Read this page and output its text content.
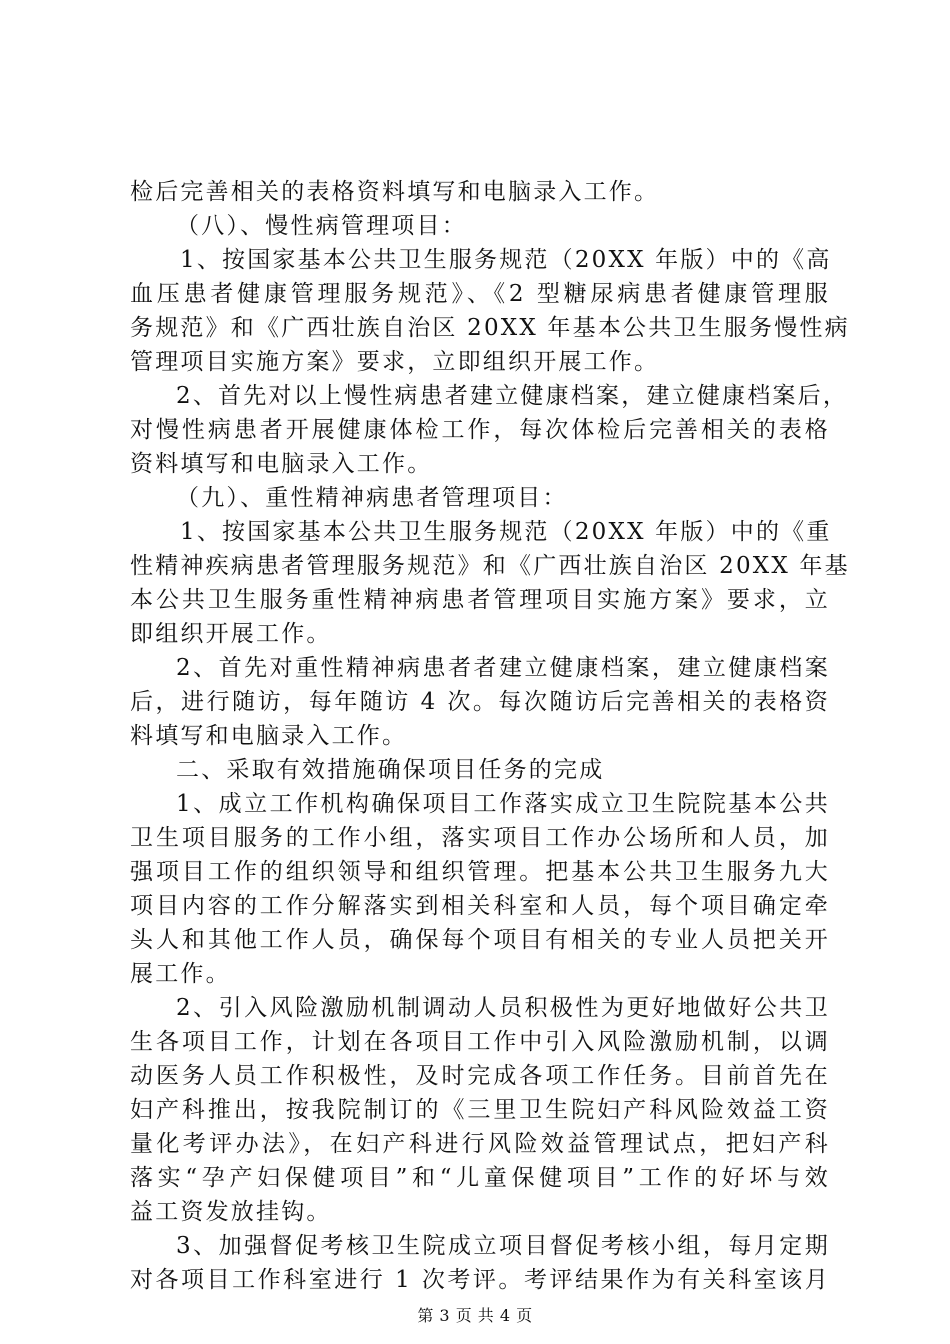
检后完善相关的表格资料填写和电脑录入工作。
（八）、慢性病管理项目：
1、按国家基本公共卫生服务规范（20XX 年版）中的《高
血压患者健康管理服务规范》、《2 型糖尿病患者健康管理服
务规范》和《广西壮族自治区 20XX 年基本公共卫生服务慢性病
管理项目实施方案》要求，立即组织开展工作。
2、首先对以上慢性病患者建立健康档案，建立健康档案后，
对慢性病患者开展健康体检工作，每次体检后完善相关的表格
资料填写和电脑录入工作。
（九）、重性精神病患者管理项目：
1、按国家基本公共卫生服务规范（20XX 年版）中的《重
性精神疾病患者管理服务规范》和《广西壮族自治区 20XX 年基
本公共卫生服务重性精神病患者管理项目实施方案》要求，立
即组织开展工作。
2、首先对重性精神病患者者建立健康档案，建立健康档案
后，进行随访，每年随访 4 次。每次随访后完善相关的表格资
料填写和电脑录入工作。
二、采取有效措施确保项目任务的完成
1、成立工作机构确保项目工作落实成立卫生院院基本公共
卫生项目服务的工作小组，落实项目工作办公场所和人员，加
强项目工作的组织领导和组织管理。把基本公共卫生服务九大
项目内容的工作分解落实到相关科室和人员，每个项目确定牵
头人和其他工作人员，确保每个项目有相关的专业人员把关开
展工作。
2、引入风险激励机制调动人员积极性为更好地做好公共卫
生各项目工作，计划在各项目工作中引入风险激励机制，以调
动医务人员工作积极性，及时完成各项工作任务。目前首先在
妇产科推出，按我院制订的《三里卫生院妇产科风险效益工资
量化考评办法》，在妇产科进行风险效益管理试点，把妇产科
落实“孕产妇保健项目”和“儿童保健项目”工作的好坏与效
益工资发放挂钩。
3、加强督促考核卫生院成立项目督促考核小组，每月定期
对各项目工作科室进行 1 次考评。考评结果作为有关科室该月
第 3 页 共 4 页
